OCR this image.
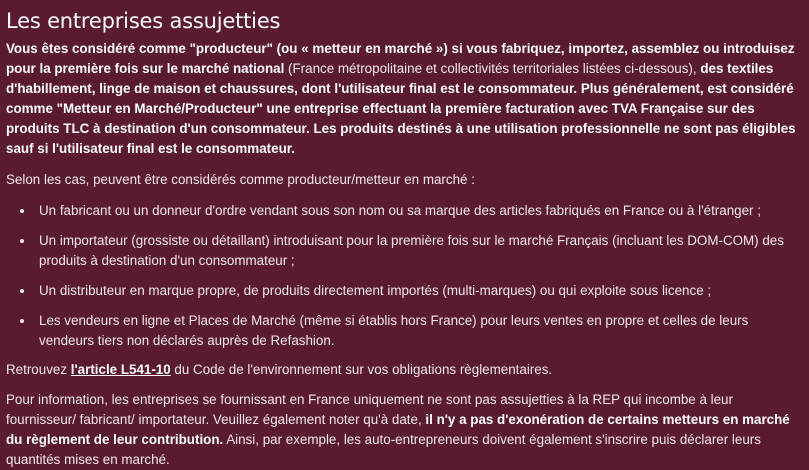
Les entreprises assujetties

Vous êtes considéré comme "producteur" (ou « metteur en marché ») si vous fabriquez, importez, assemblez ou introduisez pour la première fois sur le marché national (France métropolitaine et collectivités territoriales listées ci-dessous), des textiles d'habillement, linge de maison et chaussures, dont l'utilisateur final est le consommateur. Plus généralement, est considéré comme "Metteur en Marché/Producteur" une entreprise effectuant la première facturation avec TVA Française sur des produits TLC à destination d'un consommateur. Les produits destinés à une utilisation professionnelle ne sont pas éligibles sauf si l'utilisateur final est le consommateur.

Selon les cas, peuvent être considérés comme producteur/metteur en marché :

• Un fabricant ou un donneur d'ordre vendant sous son nom ou sa marque des articles fabriqués en France ou à l'étranger ;
• Un importateur (grossiste ou détaillant) introduisant pour la première fois sur le marché Français (incluant les DOM-COM) des produits à destination d'un consommateur ;
• Un distributeur en marque propre, de produits directement importés (multi-marques) ou qui exploite sous licence ;
• Les vendeurs en ligne et Places de Marché (même si établis hors France) pour leurs ventes en propre et celles de leurs vendeurs tiers non déclarés auprès de Refashion.

Retrouvez l'article L541-10 du Code de l'environnement sur vos obligations règlementaires.

Pour information, les entreprises se fournissant en France uniquement ne sont pas assujetties à la REP qui incombe à leur fournisseur/ fabricant/ importateur. Veuillez également noter qu'à date, il n'y a pas d'exonération de certains metteurs en marché du règlement de leur contribution. Ainsi, par exemple, les auto-entrepreneurs doivent également s'inscrire puis déclarer leurs quantités mises en marché.
